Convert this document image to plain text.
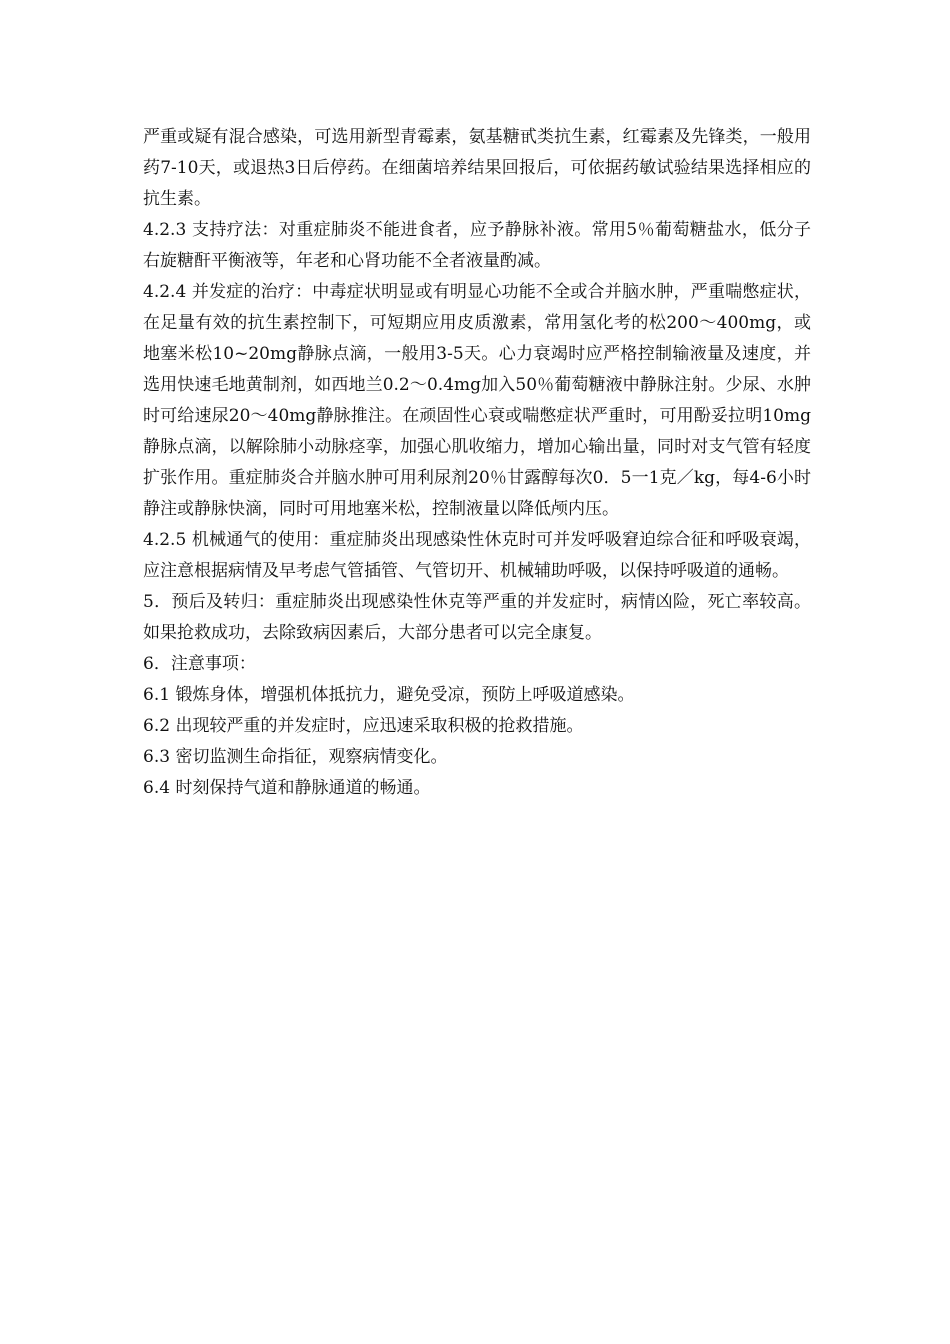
严重或疑有混合感染，可选用新型青霉素，氨基糖甙类抗生素，红霉素及先锋类，一般用药7-10天，或退热3日后停药。在细菌培养结果回报后，可依据药敏试验结果选择相应的抗生素。

4.2.3 支持疗法：对重症肺炎不能进食者，应予静脉补液。常用5％葡萄糖盐水，低分子右旋糖酐平衡液等，年老和心肾功能不全者液量酌减。

4.2.4 并发症的治疗：中毒症状明显或有明显心功能不全或合并脑水肿，严重喘憋症状，在足量有效的抗生素控制下，可短期应用皮质激素，常用氢化考的松200～400mg，或地塞米松10~20mg静脉点滴，一般用3-5天。心力衰竭时应严格控制输液量及速度，并选用快速毛地黄制剂，如西地兰0.2～0.4mg加入50％葡萄糖液中静脉注射。少尿、水肿时可给速尿20～40mg静脉推注。在顽固性心衰或喘憋症状严重时，可用酚妥拉明10mg静脉点滴，以解除肺小动脉痉挛，加强心肌收缩力，增加心输出量，同时对支气管有轻度扩张作用。重症肺炎合并脑水肿可用利尿剂20％甘露醇每次0．5一1克／kg，每4-6小时静注或静脉快滴，同时可用地塞米松，控制液量以降低颅内压。

4.2.5 机械通气的使用：重症肺炎出现感染性休克时可并发呼吸窘迫综合征和呼吸衰竭，应注意根据病情及早考虑气管插管、气管切开、机械辅助呼吸，以保持呼吸道的通畅。

5．预后及转归：重症肺炎出现感染性休克等严重的并发症时，病情凶险，死亡率较高。如果抢救成功，去除致病因素后，大部分患者可以完全康复。

6．注意事项：

6.1 锻炼身体，增强机体抵抗力，避免受凉，预防上呼吸道感染。

6.2 出现较严重的并发症时，应迅速采取积极的抢救措施。

6.3 密切监测生命指征，观察病情变化。

6.4 时刻保持气道和静脉通道的畅通。
